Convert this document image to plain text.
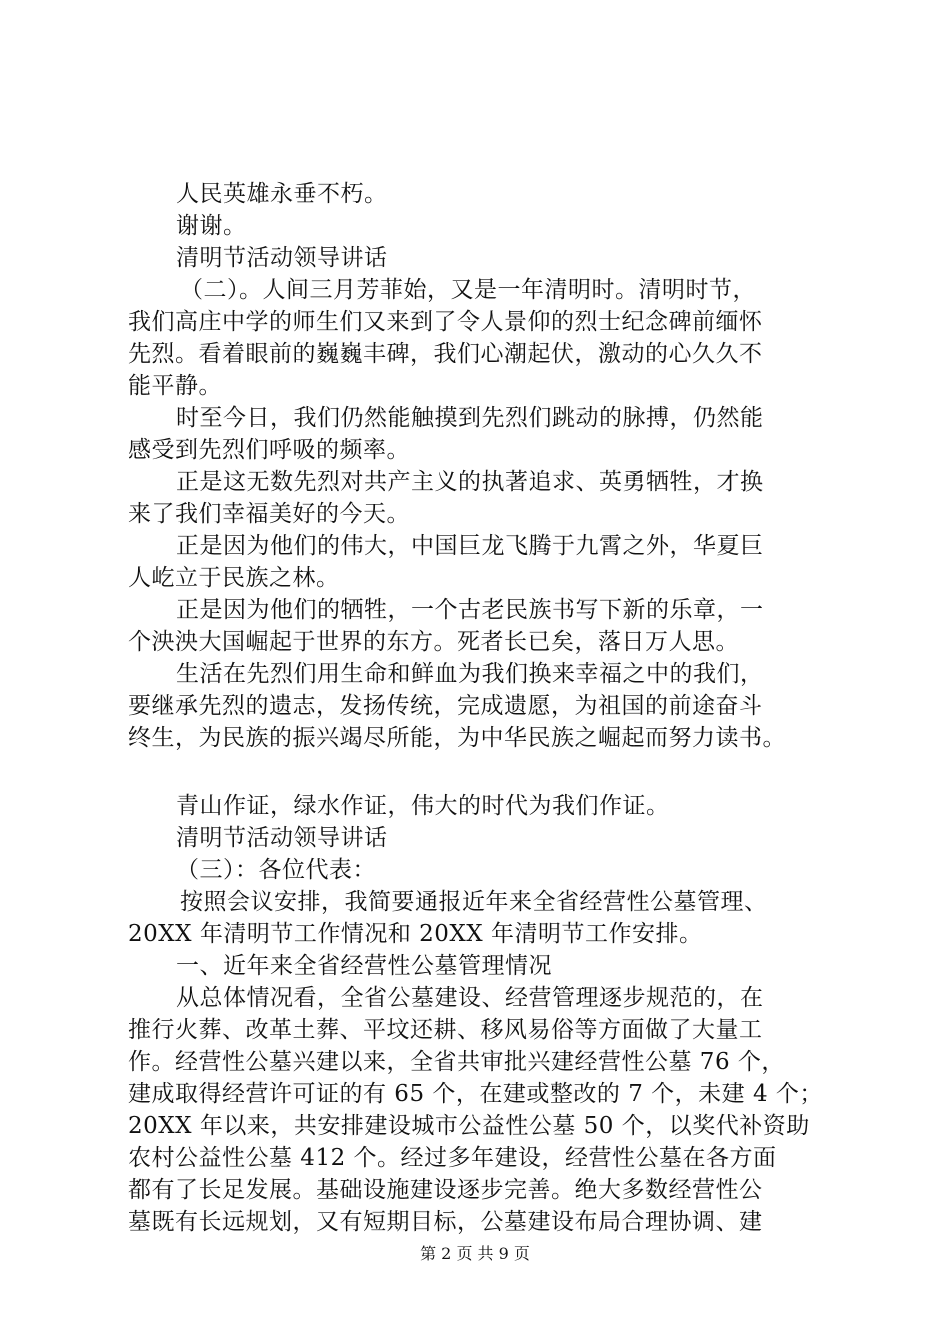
人民英雄永垂不朽。
谢谢。
清明节活动领导讲话
（二）。人间三月芳菲始，又是一年清明时。清明时节，
我们高庄中学的师生们又来到了令人景仰的烈士纪念碑前缅怀
先烈。看着眼前的巍巍丰碑，我们心潮起伏，激动的心久久不
能平静。
时至今日，我们仍然能触摸到先烈们跳动的脉搏，仍然能
感受到先烈们呼吸的频率。
正是这无数先烈对共产主义的执著追求、英勇牺牲，才换
来了我们幸福美好的今天。
正是因为他们的伟大，中国巨龙飞腾于九霄之外，华夏巨
人屹立于民族之林。
正是因为他们的牺牲，一个古老民族书写下新的乐章，一
个泱泱大国崛起于世界的东方。死者长已矣，落日万人思。
生活在先烈们用生命和鲜血为我们换来幸福之中的我们，
要继承先烈的遗志，发扬传统，完成遗愿，为祖国的前途奋斗
终生，为民族的振兴竭尽所能，为中华民族之崛起而努力读书。
青山作证，绿水作证，伟大的时代为我们作证。
清明节活动领导讲话
（三）：各位代表：
按照会议安排，我简要通报近年来全省经营性公墓管理、
20XX 年清明节工作情况和 20XX 年清明节工作安排。
一、近年来全省经营性公墓管理情况
从总体情况看，全省公墓建设、经营管理逐步规范的，在
推行火葬、改革土葬、平坟还耕、移风易俗等方面做了大量工
作。经营性公墓兴建以来，全省共审批兴建经营性公墓 76 个，
建成取得经营许可证的有 65 个，在建或整改的 7 个，未建 4 个；
20XX 年以来，共安排建设城市公益性公墓 50 个，以奖代补资助
农村公益性公墓 412 个。经过多年建设，经营性公墓在各方面
都有了长足发展。基础设施建设逐步完善。绝大多数经营性公
墓既有长远规划，又有短期目标，公墓建设布局合理协调、建
第 2 页 共 9 页
